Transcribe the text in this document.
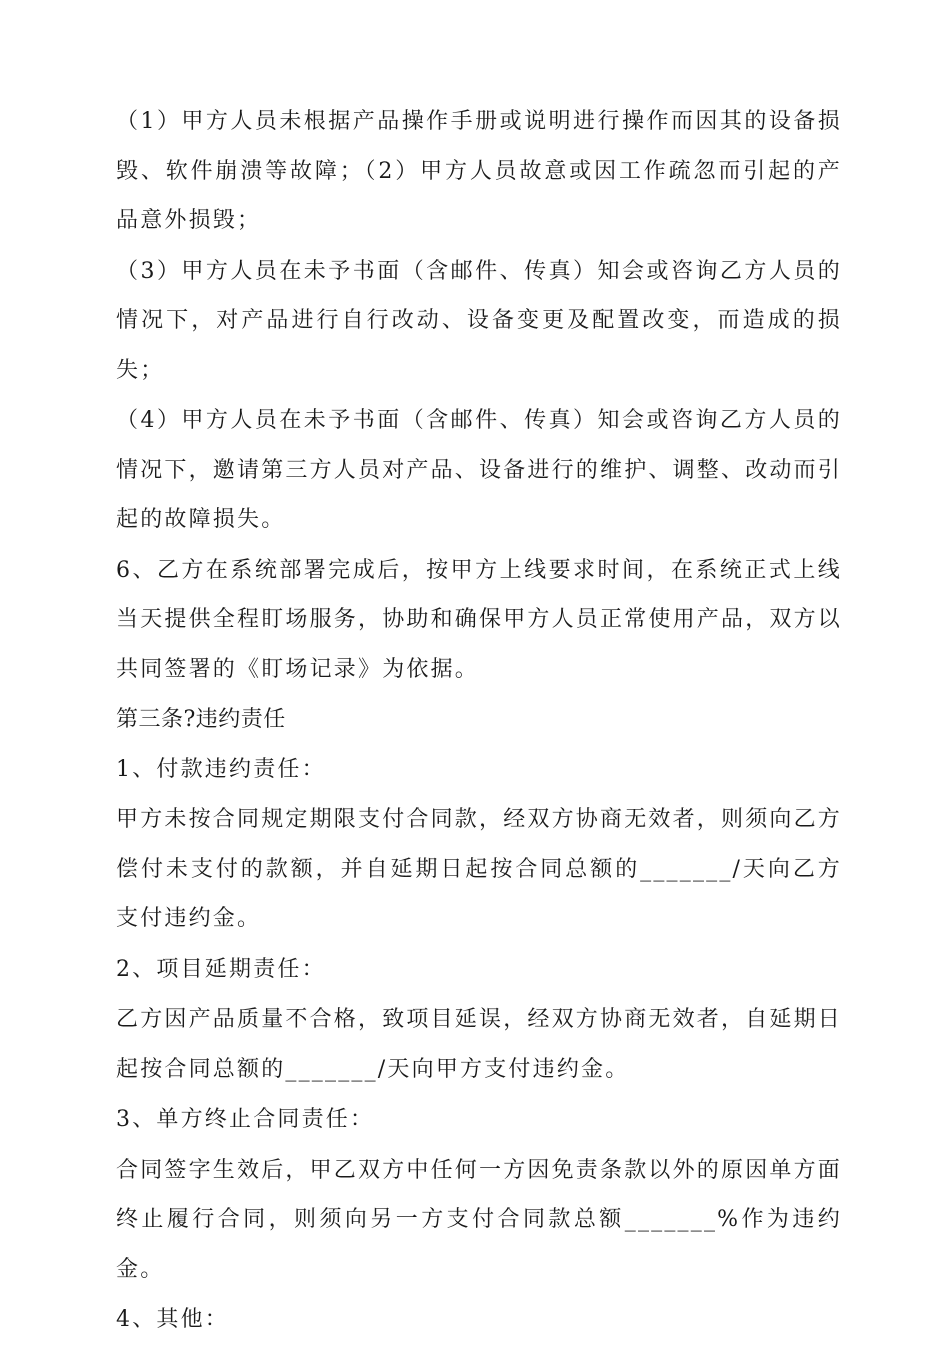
（1）甲方人员未根据产品操作手册或说明进行操作而因其的设备损毁、软件崩溃等故障；（2）甲方人员故意或因工作疏忽而引起的产品意外损毁；

（3）甲方人员在未予书面（含邮件、传真）知会或咨询乙方人员的情况下，对产品进行自行改动、设备变更及配置改变，而造成的损失；

（4）甲方人员在未予书面（含邮件、传真）知会或咨询乙方人员的情况下，邀请第三方人员对产品、设备进行的维护、调整、改动而引起的故障损失。

6、乙方在系统部署完成后，按甲方上线要求时间，在系统正式上线当天提供全程盯场服务，协助和确保甲方人员正常使用产品，双方以共同签署的《盯场记录》为依据。

第三条?违约责任

1、付款违约责任：

甲方未按合同规定期限支付合同款，经双方协商无效者，则须向乙方偿付未支付的款额，并自延期日起按合同总额的_______/天向乙方支付违约金。

2、项目延期责任：

乙方因产品质量不合格，致项目延误，经双方协商无效者，自延期日起按合同总额的_______/天向甲方支付违约金。

3、单方终止合同责任：

合同签字生效后，甲乙双方中任何一方因免责条款以外的原因单方面终止履行合同，则须向另一方支付合同款总额_______%作为违约金。

4、其他：
